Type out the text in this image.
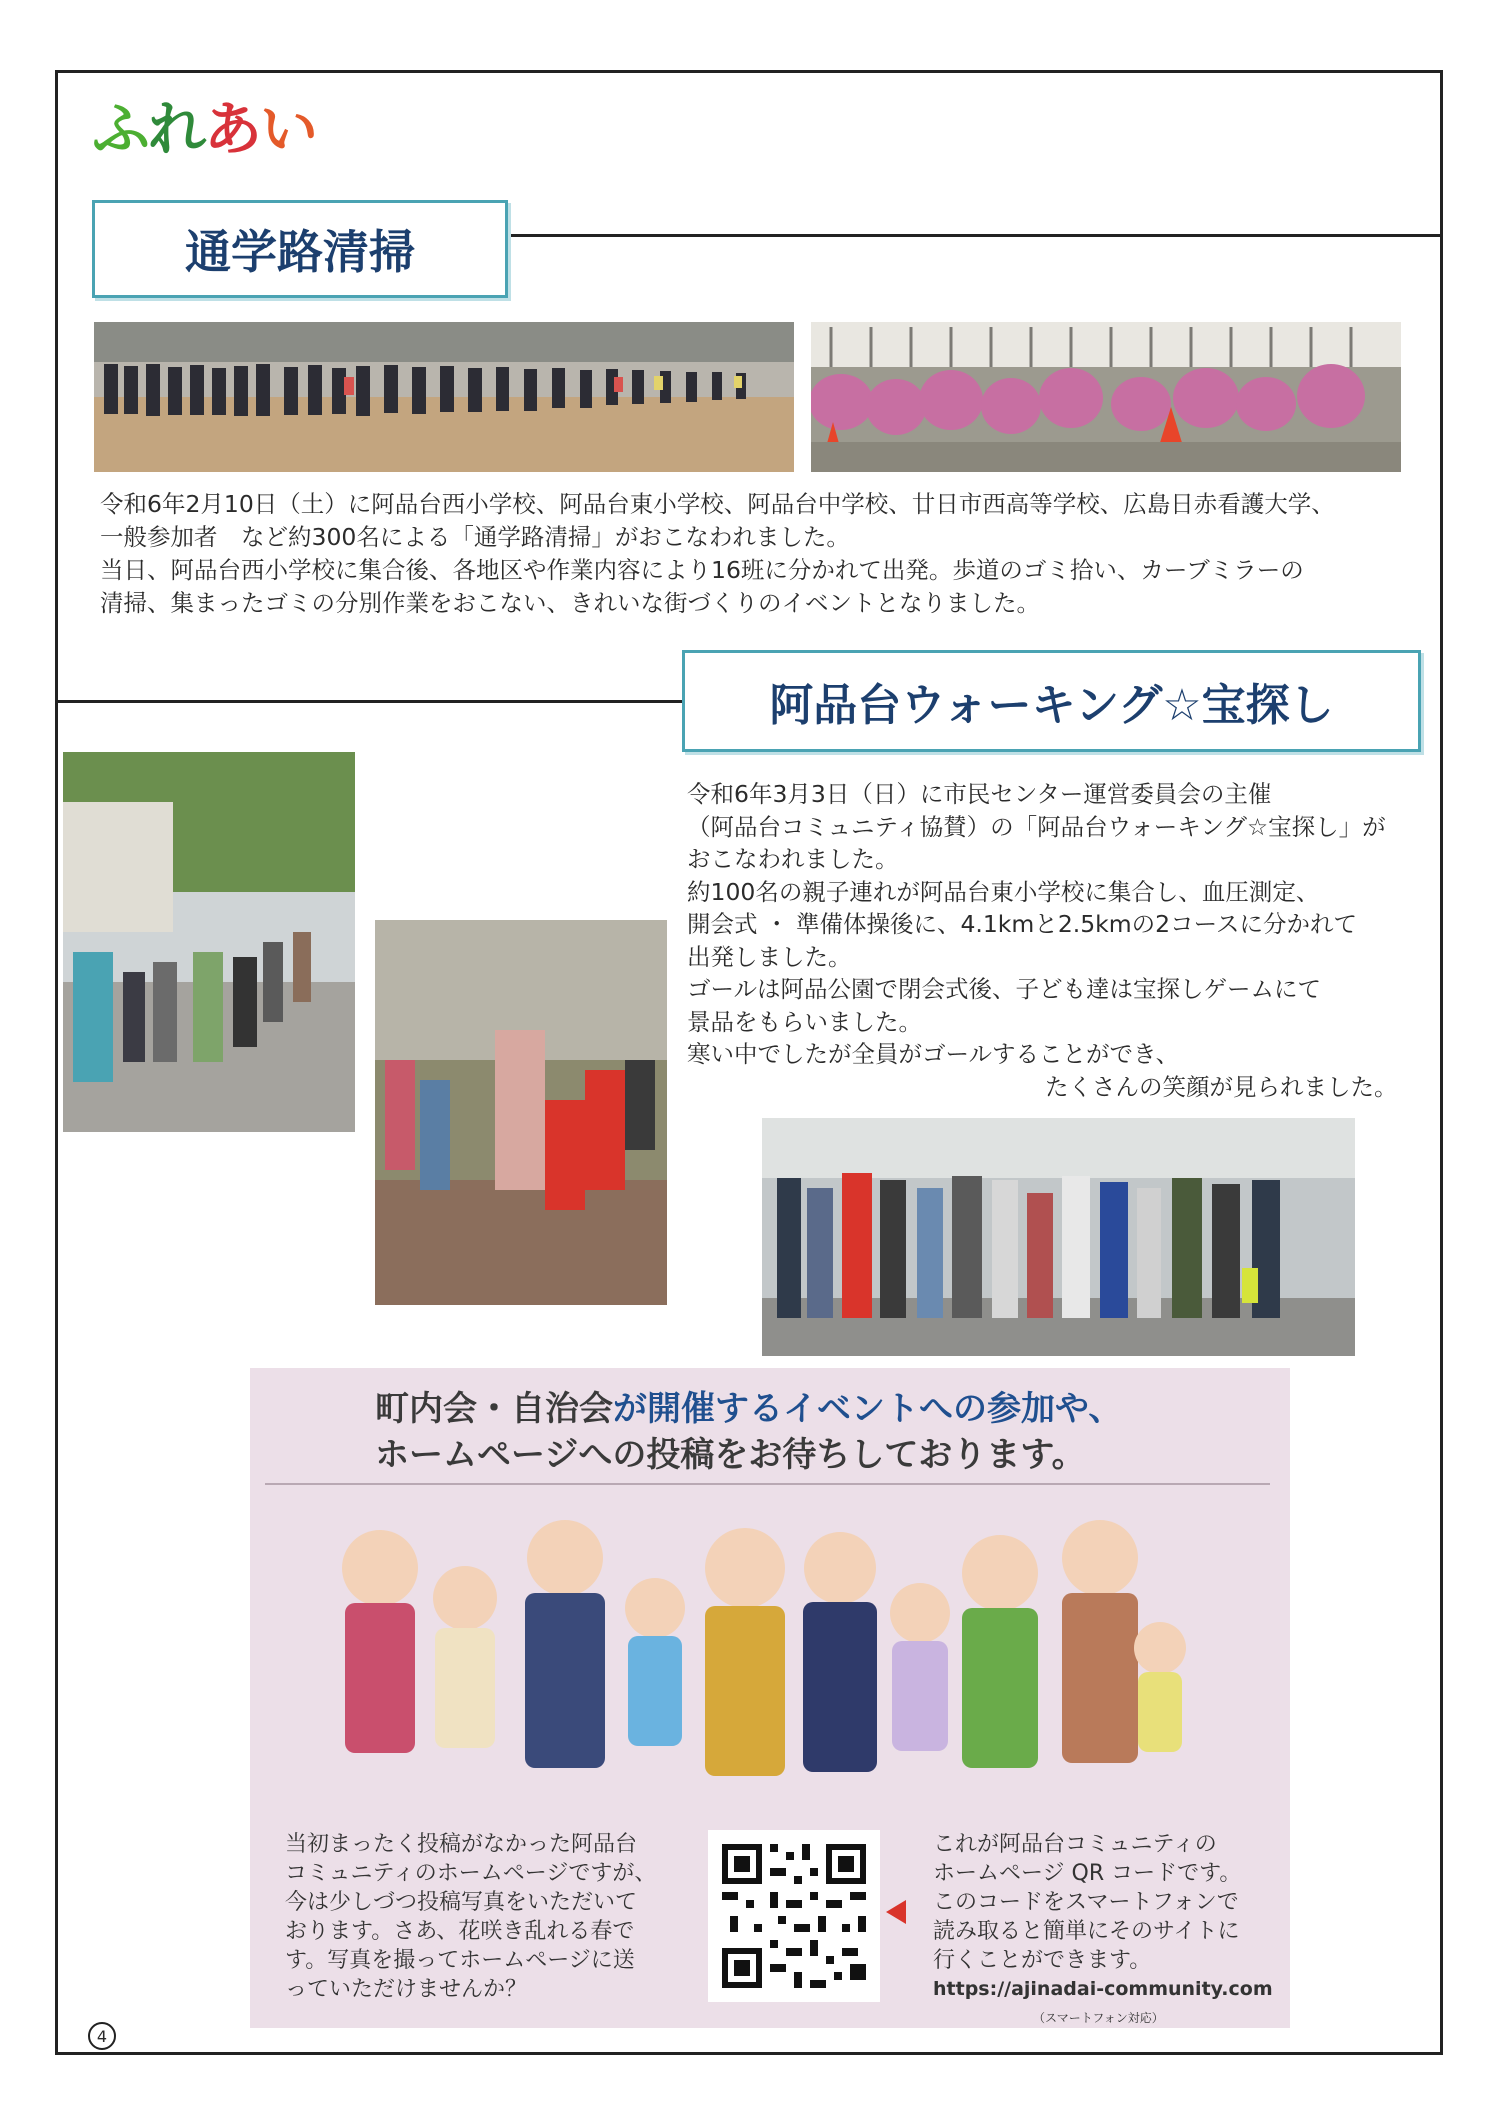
ふれあい
通学路清掃

令和6年2月10日（土）に阿品台西小学校、阿品台東小学校、阿品台中学校、廿日市西高等学校、広島日赤看護大学、

一般参加者　など約300名による「通学路清掃」がおこなわれました。

当日、阿品台西小学校に集合後、各地区や作業内容により16班に分かれて出発。歩道のゴミ拾い、カーブミラーの

清掃、集まったゴミの分別作業をおこない、きれいな街づくりのイベントとなりました。

阿品台ウォーキング☆宝探し

令和6年3月3日（日）に市民センター運営委員会の主催

（阿品台コミュニティ協賛）の「阿品台ウォーキング☆宝探し」が

おこなわれました。

約100名の親子連れが阿品台東小学校に集合し、血圧測定、

開会式 ・ 準備体操後に、4.1kmと2.5kmの2コースに分かれて

出発しました。

ゴールは阿品公園で閉会式後、子ども達は宝探しゲームにて

景品をもらいました。

寒い中でしたが全員がゴールすることができ、

たくさんの笑顔が見られました。

町内会・自治会が開催するイベントへの参加や、
ホームページへの投稿をお待ちしております。
当初まったく投稿がなかった阿品台
コミュニティのホームページですが、
今は少しづつ投稿写真をいただいて
おります。さあ、花咲き乱れる春で
す。写真を撮ってホームページに送
っていただけませんか？
これが阿品台コミュニティの
ホームページ QR コードです。
このコードをスマートフォンで
読み取ると簡単にそのサイトに
行くことができます。
https://ajinadai-community.com
（スマートフォン対応）
4
